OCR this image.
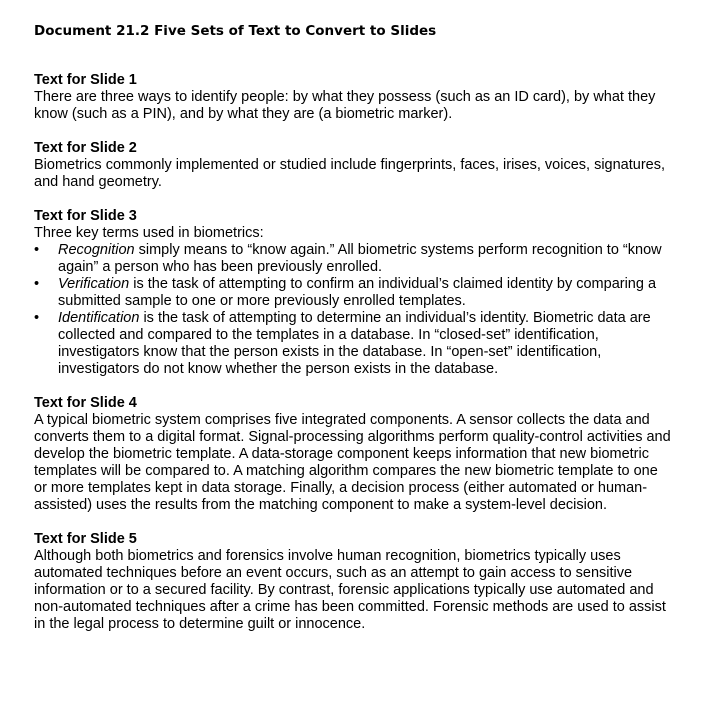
Document 21.2 Five Sets of Text to Convert to Slides
Text for Slide 1
There are three ways to identify people: by what they possess (such as an ID card), by what they know (such as a PIN), and by what they are (a biometric marker).
Text for Slide 2
Biometrics commonly implemented or studied include fingerprints, faces, irises, voices, signatures, and hand geometry.
Text for Slide 3
Three key terms used in biometrics:
•	Recognition simply means to “know again.” All biometric systems perform recognition to “know again” a person who has been previously enrolled.
•	Verification is the task of attempting to confirm an individual’s claimed identity by comparing a submitted sample to one or more previously enrolled templates.
•	Identification is the task of attempting to determine an individual’s identity. Biometric data are collected and compared to the templates in a database. In “closed-set” identification, investigators know that the person exists in the database. In “open-set” identification, investigators do not know whether the person exists in the database.
Text for Slide 4
A typical biometric system comprises five integrated components. A sensor collects the data and converts them to a digital format. Signal-processing algorithms perform quality-control activities and develop the biometric template. A data-storage component keeps information that new biometric templates will be compared to. A matching algorithm compares the new biometric template to one or more templates kept in data storage. Finally, a decision process (either automated or human-assisted) uses the results from the matching component to make a system-level decision.
Text for Slide 5
Although both biometrics and forensics involve human recognition, biometrics typically uses automated techniques before an event occurs, such as an attempt to gain access to sensitive information or to a secured facility. By contrast, forensic applications typically use automated and non-automated techniques after a crime has been committed. Forensic methods are used to assist in the legal process to determine guilt or innocence.
